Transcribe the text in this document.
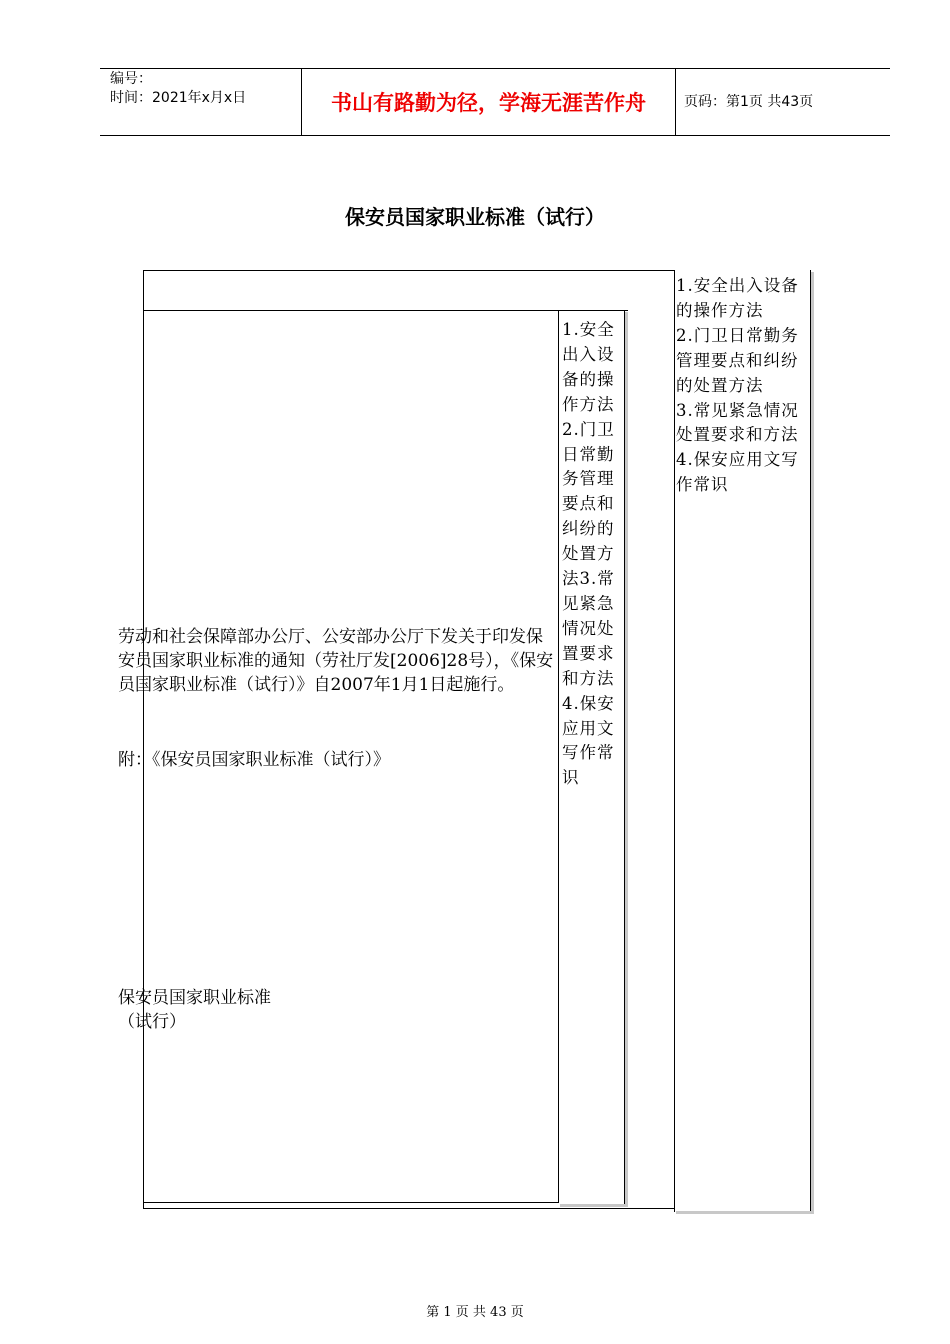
编号：
时间：2021年x月x日	书山有路勤为径，学海无涯苦作舟	页码：第1页 共43页
保安员国家职业标准（试行）
1.安全出入设备的操作方法2.门卫日常勤务管理要点和纠纷的处置方法3.常见紧急情况处置要求和方法4.保安应用文写作常识
1.安全出入设备的操作方法
2.门卫日常勤务管理要点和纠纷的处置方法
3.常见紧急情况处置要求和方法
4.保安应用文写作常识
劳动和社会保障部办公厅、公安部办公厅下发关于印发保安员国家职业标准的通知（劳社厅发[2006]28号），《保安员国家职业标准（试行）》自2007年1月1日起施行。
附：《保安员国家职业标准（试行）》
保安员国家职业标准
（试行）
第 1 页 共 43 页
